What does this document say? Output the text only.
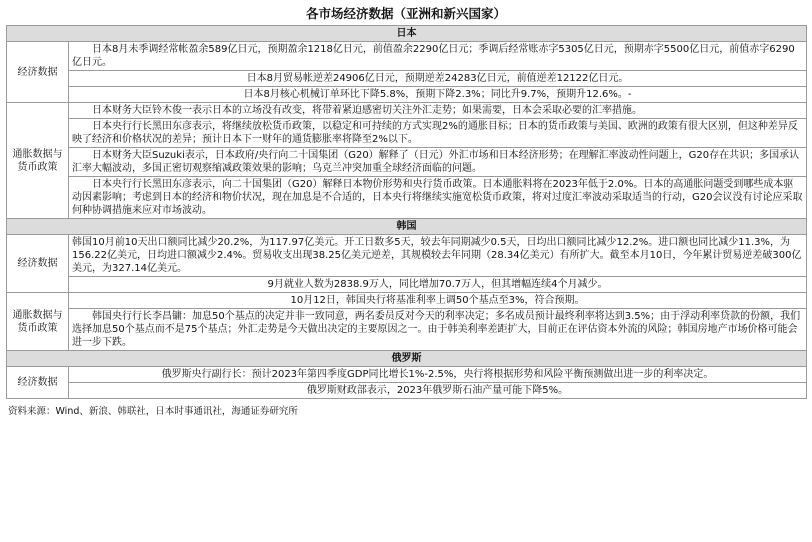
各市场经济数据（亚洲和新兴国家）
日本	
经济数据	日本8月未季调经常帐盈余589亿日元，预期盈余1218亿日元，前值盈余2290亿日元；季调后经常账赤字5305亿日元，预期赤字5500亿日元，前值赤字6290亿日元。
	日本8月贸易帐逆差24906亿日元，预期逆差24283亿日元，前值逆差12122亿日元。
	日本8月核心机械订单环比下降5.8%，预期下降2.3%；同比升9.7%，预期升12.6%。-
通胀数据与货币政策	日本财务大臣铃木俊一表示日本的立场没有改变，将带着紧迫感密切关注外汇走势；如果需要，日本会采取必要的汇率措施。
	日本央行行长黑田东彦表示，将继续放松货币政策，以稳定和可持续的方式实现2%的通胀目标；日本的货币政策与美国、欧洲的政策有很大区别，但这种差异反映了经济和价格状况的差异；预计日本下一财年的通货膨胀率将降至2%以下。
	日本财务大臣Suzuki表示，日本政府/央行向二十国集团（G20）解释了（日元）外汇市场和日本经济形势；在理解汇率波动性问题上，G20存在共识；多国承认汇率大幅波动，多国正密切观察缩减政策效果的影响；乌克兰冲突加重全球经济面临的问题。
	日本央行行长黑田东彦表示，向二十国集团（G20）解释日本物价形势和央行货币政策。日本通胀料将在2023年低于2.0%。日本的高通胀问题受到哪些成本驱动因素影响；考虑到日本的经济和物价状况，现在加息是不合适的，日本央行将继续实施宽松货币政策，将对过度汇率波动采取适当的行动，G20会议没有讨论应采取何种协调措施来应对市场波动。
韩国	
经济数据	韩国10月前10天出口额同比减少20.2%，为117.97亿美元。开工日数多5天，较去年同期减少0.5天，日均出口额同比减少12.2%。进口额也同比减少11.3%，为156.22亿美元，日均进口额减少2.4%。贸易收支出现38.25亿美元逆差，其规模较去年同期（28.34亿美元）有所扩大。截至本月10日，今年累计贸易逆差破300亿美元，为327.14亿美元。
	9月就业人数为2838.9万人，同比增加70.7万人，但其增幅连续4个月减少。
通胀数据与货币政策	10月12日，韩国央行将基准利率上调50个基点至3%，符合预期。
	韩国央行行长李昌镛：加息50个基点的决定并非一致同意，两名委员反对今天的利率决定；多名成员预计最终利率将达到3.5%；由于浮动利率贷款的份额，我们选择加息50个基点而不是75个基点；外汇走势是今天做出决定的主要原因之一。由于韩美利率差距扩大，目前正在评估资本外流的风险；韩国房地产市场价格可能会进一步下跌。
俄罗斯	
经济数据	俄罗斯央行副行长：预计2023年第四季度GDP同比增长1%-2.5%，央行将根据形势和风险平衡预测做出进一步的利率决定。
	俄罗斯财政部表示，2023年俄罗斯石油产量可能下降5%。
资料来源：Wind、新浪、韩联社，日本时事通讯社，海通证券研究所
